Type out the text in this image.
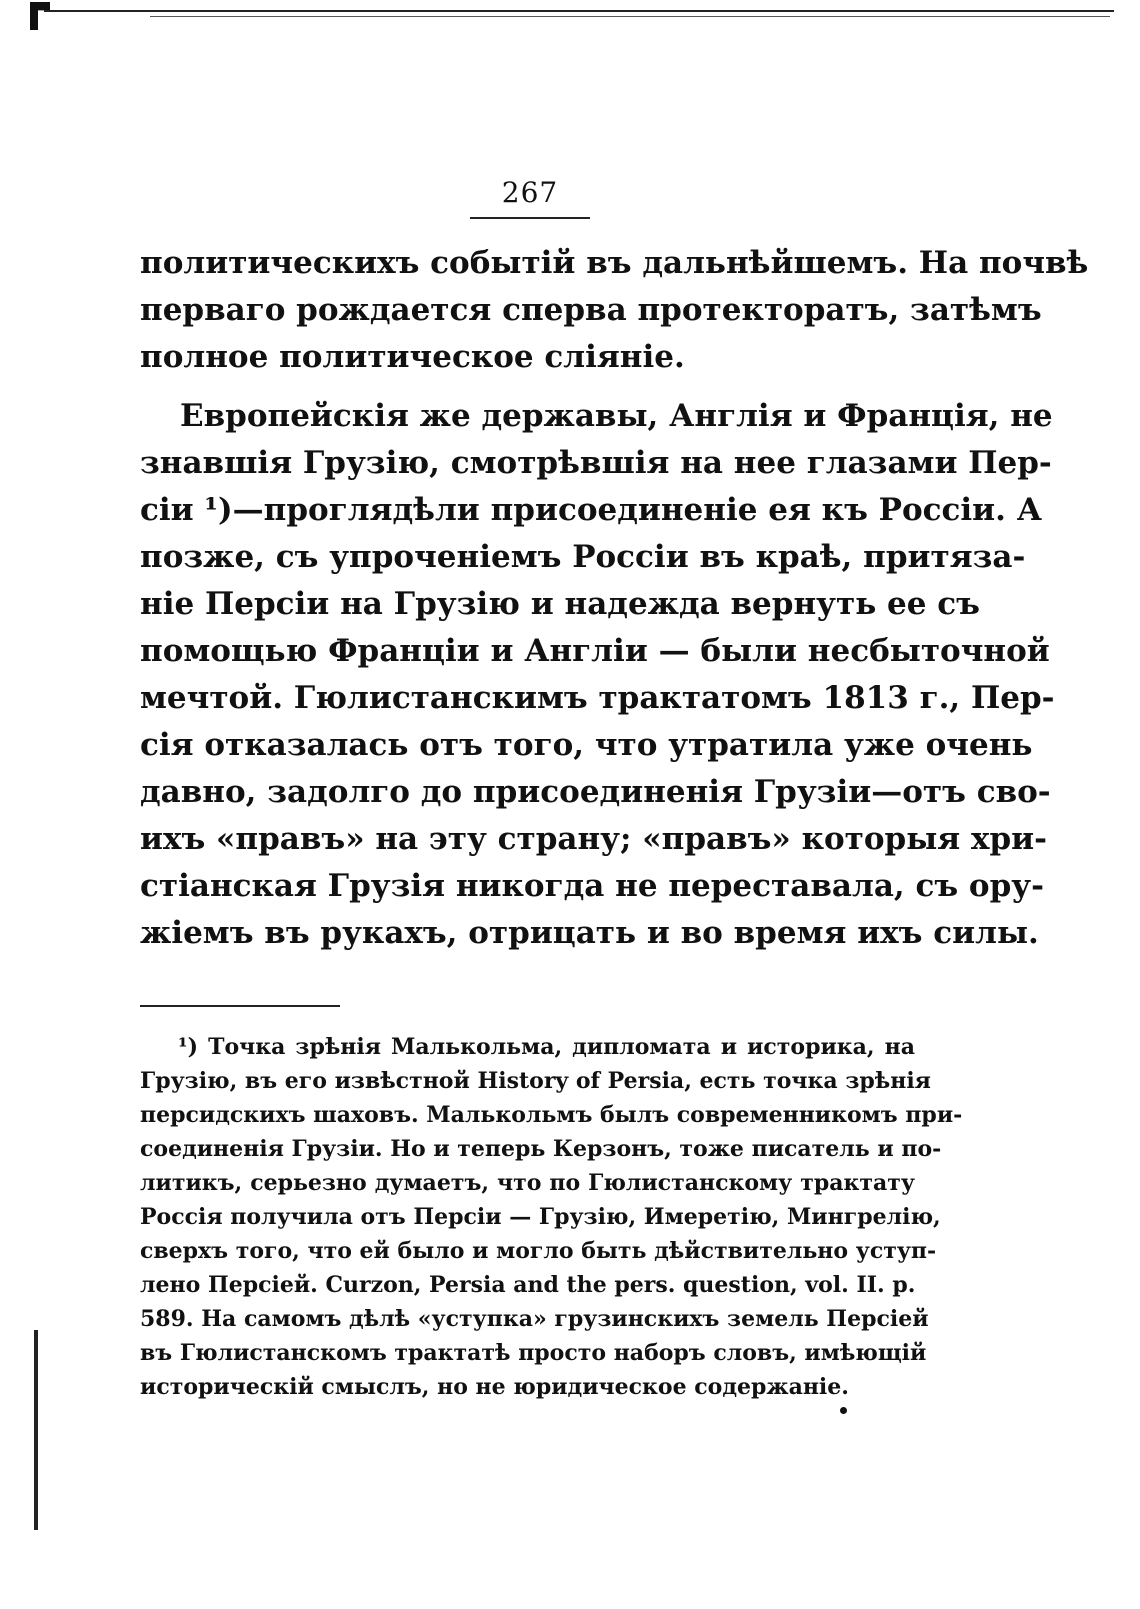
267
политическихъ событій въ дальнѣйшемъ. На почвѣ
перваго рождается сперва протекторатъ, затѣмъ
полное политическое сліяніе.
Европейскія же державы, Англія и Франція, не
знавшія Грузію, смотрѣвшія на нее глазами Пер-
сіи ¹)—проглядѣли присоединеніе ея къ Россіи. А
позже, съ упроченіемъ Россіи въ краѣ, притяза-
ніе Персіи на Грузію и надежда вернуть ее съ
помощью Франціи и Англіи — были несбыточной
мечтой. Гюлистанскимъ трактатомъ 1813 г., Пер-
сія отказалась отъ того, что утратила уже очень
давно, задолго до присоединенія Грузіи—отъ сво-
ихъ «правъ» на эту страну; «правъ» которыя хри-
стіанская Грузія никогда не переставала, съ ору-
жіемъ въ рукахъ, отрицать и во время ихъ силы.
¹) Точка зрѣнія Малькольма, дипломата и историка, на
Грузію, въ его извѣстной History of Persia, есть точка зрѣнія
персидскихъ шаховъ. Малькольмъ былъ современникомъ при-
соединенія Грузіи. Но и теперь Керзонъ, тоже писатель и по-
литикъ, серьезно думаетъ, что по Гюлистанскому трактату
Россія получила отъ Персіи — Грузію, Имеретію, Мингрелію,
сверхъ того, что ей было и могло быть дѣйствительно уступ-
лено Персіей. Curzon, Persia and the pers. question, vol. II. p.
589. На самомъ дѣлѣ «уступка» грузинскихъ земель Персіей
въ Гюлистанскомъ трактатѣ просто наборъ словъ, имѣющій
историческій смыслъ, но не юридическое содержаніе.
